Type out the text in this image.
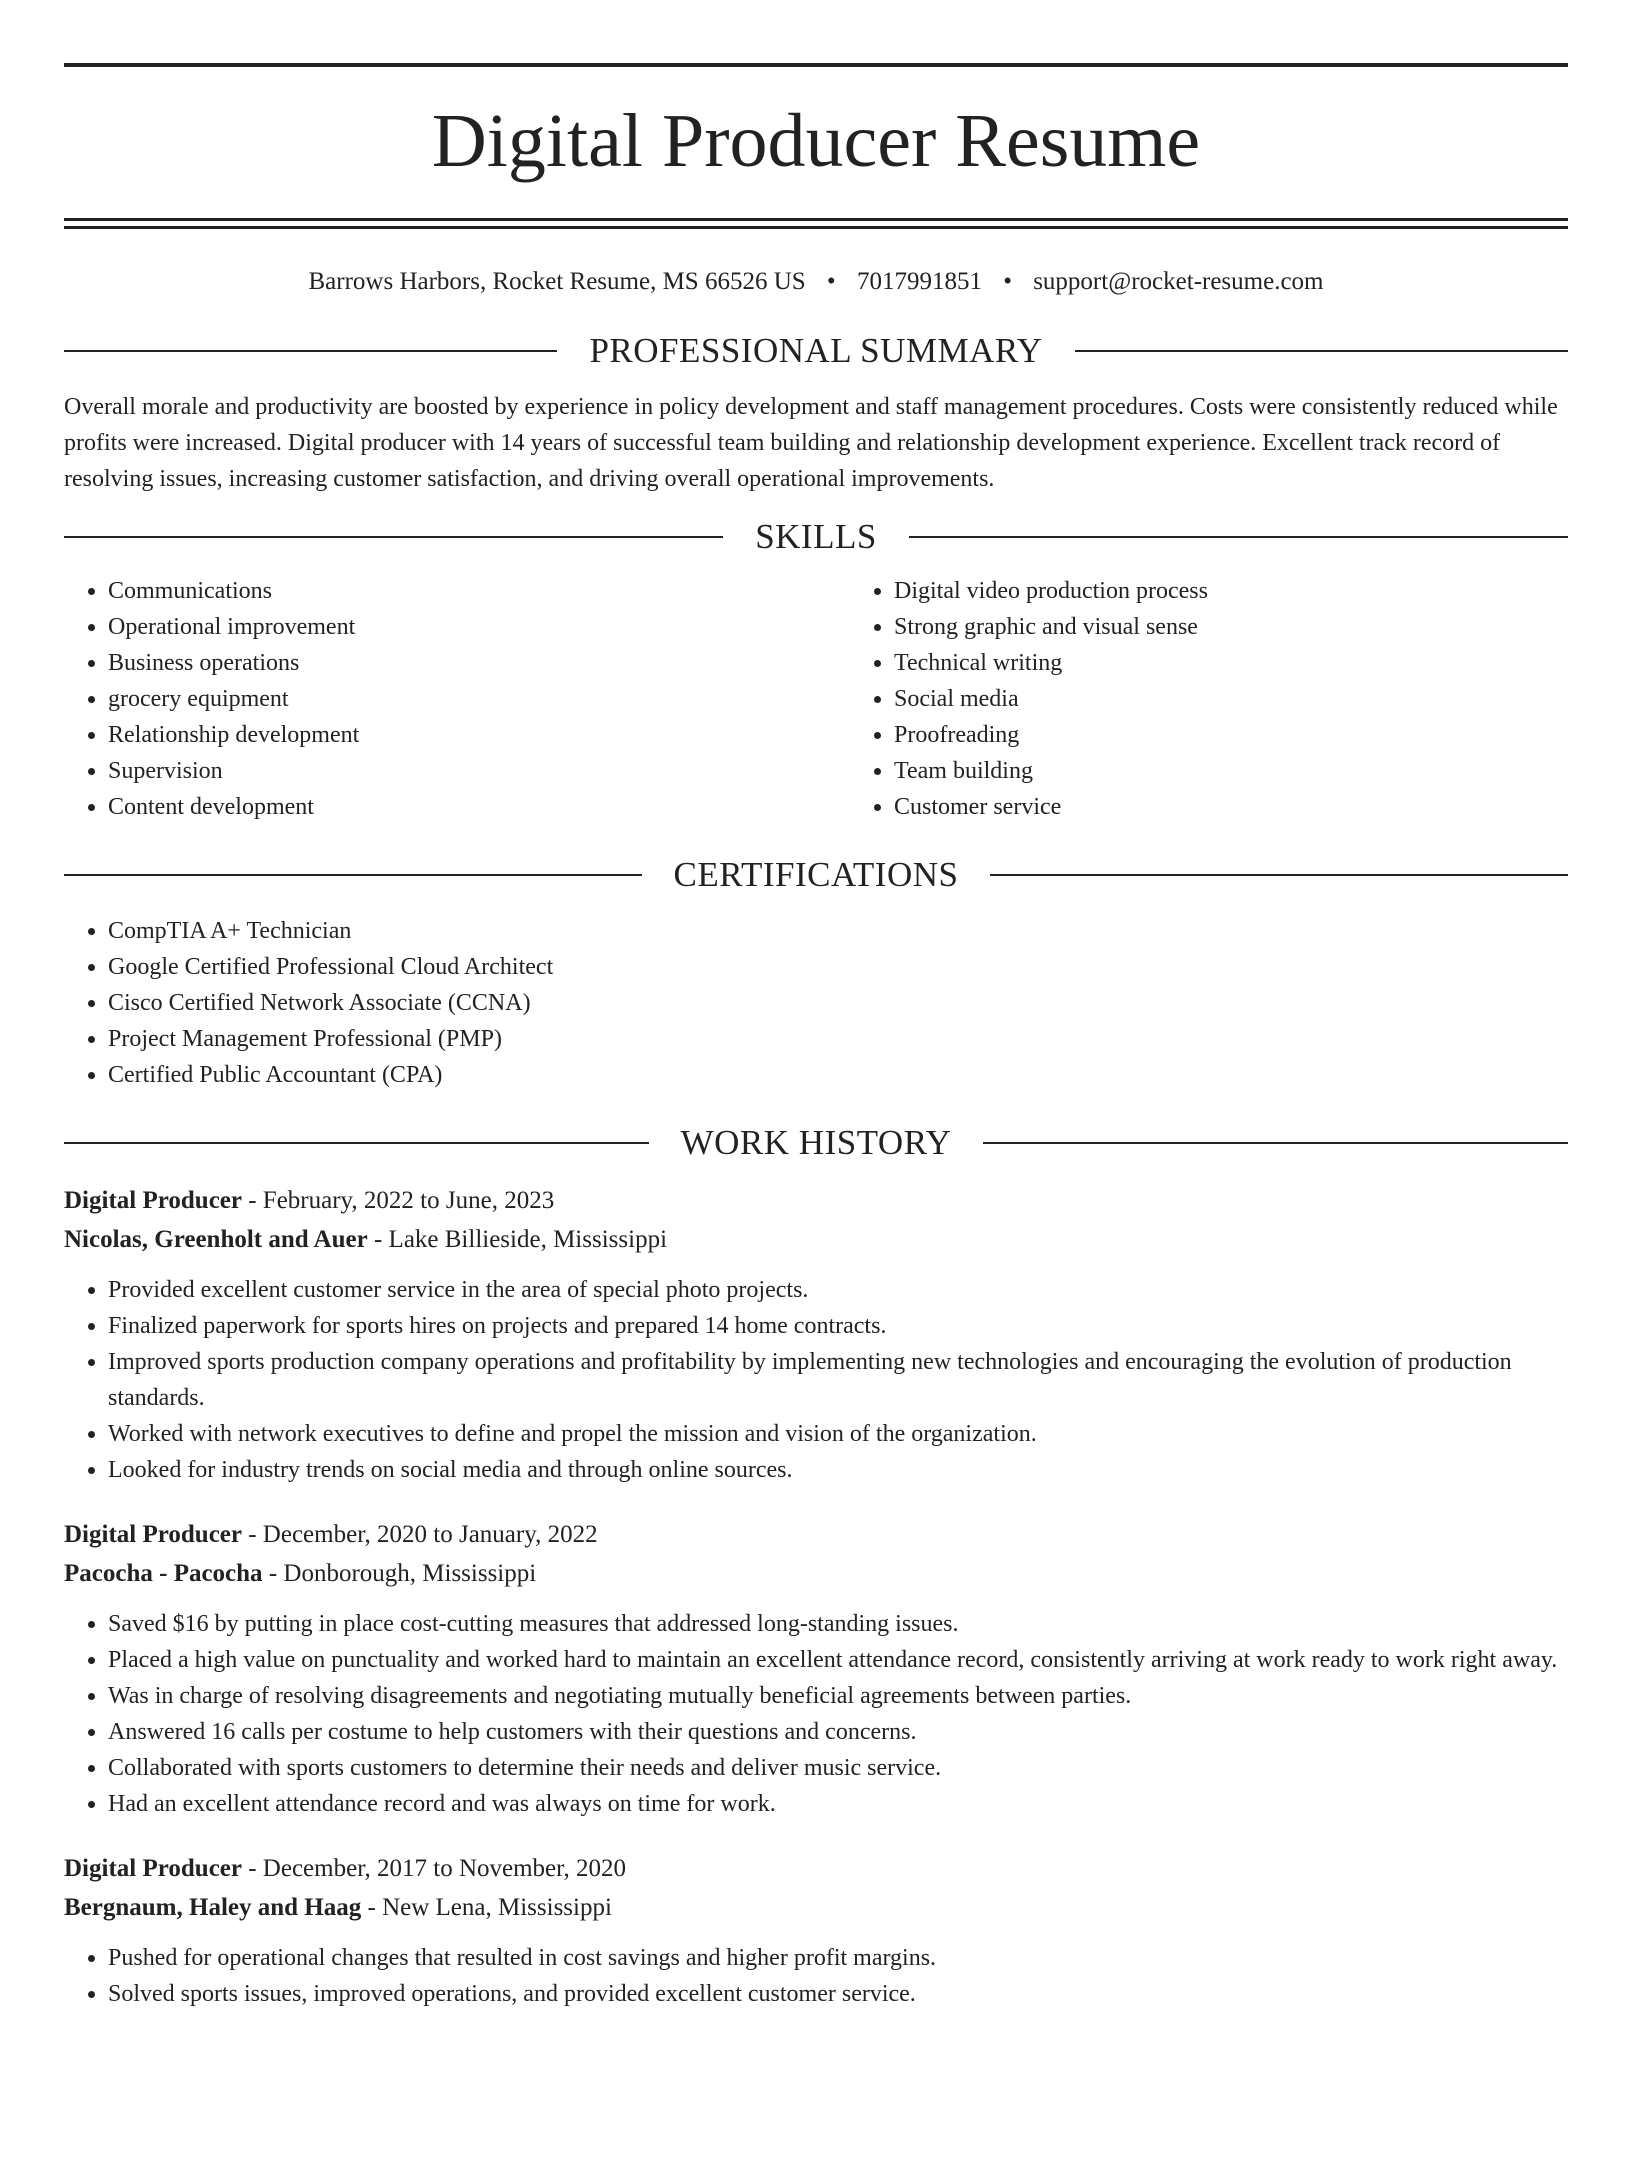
Digital Producer Resume
Barrows Harbors, Rocket Resume, MS 66526 US • 7017991851 • support@rocket-resume.com
PROFESSIONAL SUMMARY

Overall morale and productivity are boosted by experience in policy development and staff management procedures. Costs were consistently reduced while profits were increased. Digital producer with 14 years of successful team building and relationship development experience. Excellent track record of resolving issues, increasing customer satisfaction, and driving overall operational improvements.

SKILLS
• Communications
• Operational improvement
• Business operations
• grocery equipment
• Relationship development
• Supervision
• Content development
• Digital video production process
• Strong graphic and visual sense
• Technical writing
• Social media
• Proofreading
• Team building
• Customer service
CERTIFICATIONS
• CompTIA A+ Technician
• Google Certified Professional Cloud Architect
• Cisco Certified Network Associate (CCNA)
• Project Management Professional (PMP)
• Certified Public Accountant (CPA)
WORK HISTORY
Digital Producer - February, 2022 to June, 2023
Nicolas, Greenholt and Auer - Lake Billieside, Mississippi
• Provided excellent customer service in the area of special photo projects.
• Finalized paperwork for sports hires on projects and prepared 14 home contracts.
• Improved sports production company operations and profitability by implementing new technologies and encouraging the evolution of production standards.
• Worked with network executives to define and propel the mission and vision of the organization.
• Looked for industry trends on social media and through online sources.
Digital Producer - December, 2020 to January, 2022
Pacocha - Pacocha - Donborough, Mississippi
• Saved $16 by putting in place cost-cutting measures that addressed long-standing issues.
• Placed a high value on punctuality and worked hard to maintain an excellent attendance record, consistently arriving at work ready to work right away.
• Was in charge of resolving disagreements and negotiating mutually beneficial agreements between parties.
• Answered 16 calls per costume to help customers with their questions and concerns.
• Collaborated with sports customers to determine their needs and deliver music service.
• Had an excellent attendance record and was always on time for work.
Digital Producer - December, 2017 to November, 2020
Bergnaum, Haley and Haag - New Lena, Mississippi
• Pushed for operational changes that resulted in cost savings and higher profit margins.
• Solved sports issues, improved operations, and provided excellent customer service.
